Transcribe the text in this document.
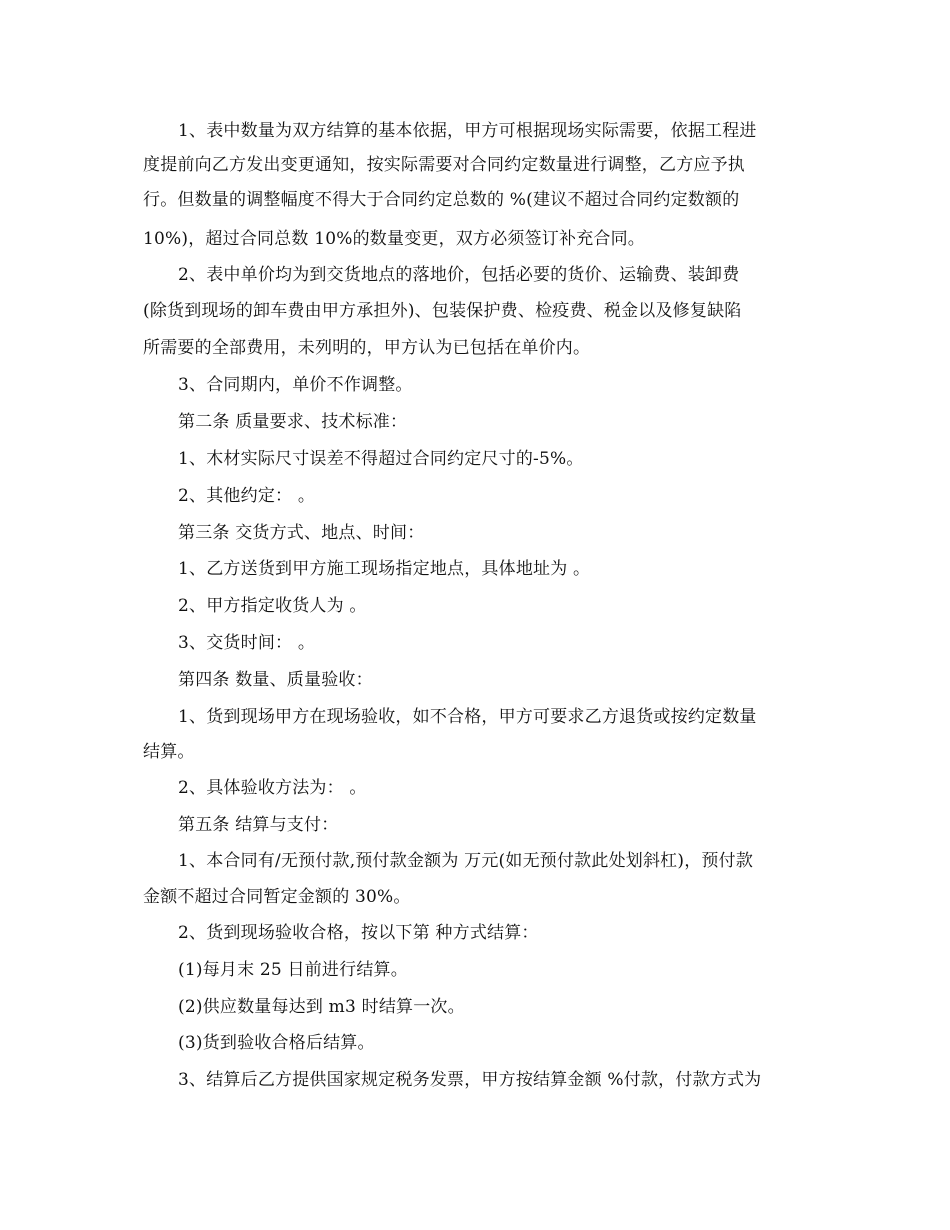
1、表中数量为双方结算的基本依据，甲方可根据现场实际需要，依据工程进
度提前向乙方发出变更通知，按实际需要对合同约定数量进行调整，乙方应予执
行。但数量的调整幅度不得大于合同约定总数的 %(建议不超过合同约定数额的
10%)，超过合同总数 10%的数量变更，双方必须签订补充合同。
2、表中单价均为到交货地点的落地价，包括必要的货价、运输费、装卸费
(除货到现场的卸车费由甲方承担外)、包装保护费、检疫费、税金以及修复缺陷
所需要的全部费用，未列明的，甲方认为已包括在单价内。
3、合同期内，单价不作调整。
第二条 质量要求、技术标准：
1、木材实际尺寸误差不得超过合同约定尺寸的-5%。
2、其他约定： 。
第三条 交货方式、地点、时间：
1、乙方送货到甲方施工现场指定地点，具体地址为 。
2、甲方指定收货人为 。
3、交货时间： 。
第四条 数量、质量验收：
1、货到现场甲方在现场验收，如不合格，甲方可要求乙方退货或按约定数量
结算。
2、具体验收方法为： 。
第五条 结算与支付：
1、本合同有/无预付款,预付款金额为 万元(如无预付款此处划斜杠)，预付款
金额不超过合同暂定金额的 30%。
2、货到现场验收合格，按以下第 种方式结算：
(1)每月末 25 日前进行结算。
(2)供应数量每达到 m3 时结算一次。
(3)货到验收合格后结算。
3、结算后乙方提供国家规定税务发票，甲方按结算金额 %付款，付款方式为
